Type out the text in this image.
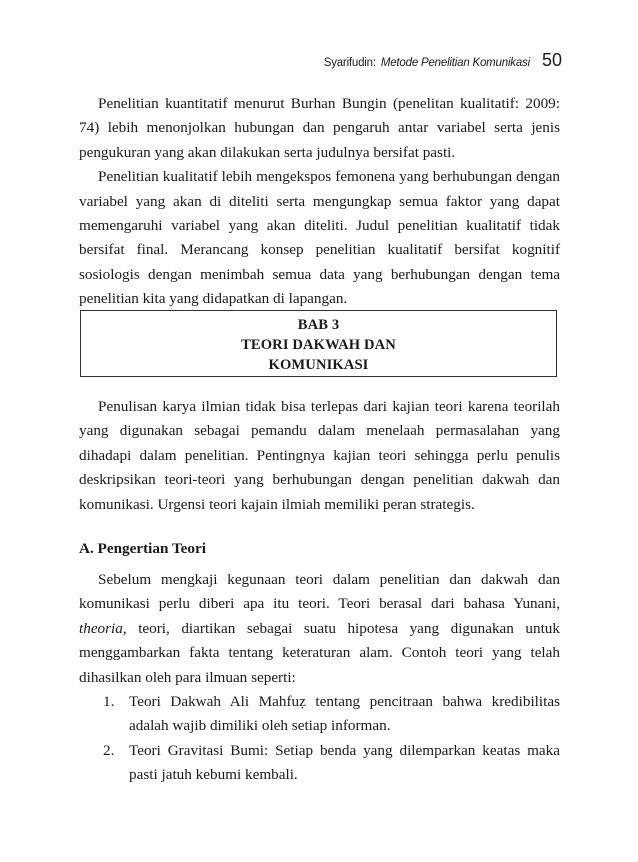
Syarifudin: Metode Penelitian Komunikasi 50

Penelitian kuantitatif menurut Burhan Bungin (penelitan kualitatif: 2009: 74) lebih menonjolkan hubungan dan pengaruh antar variabel serta jenis pengukuran yang akan dilakukan serta judulnya bersifat pasti.

Penelitian kualitatif lebih mengekspos femonena yang berhubungan dengan variabel yang akan di diteliti serta mengungkap semua faktor yang dapat memengaruhi variabel yang akan diteliti. Judul penelitian kualitatif tidak bersifat final. Merancang konsep penelitian kualitatif bersifat kognitif sosiologis dengan menimbah semua data yang berhubungan dengan tema penelitian kita yang didapatkan di lapangan.

BAB 3
TEORI DAKWAH DAN
KOMUNIKASI

Penulisan karya ilmian tidak bisa terlepas dari kajian teori karena teorilah yang digunakan sebagai pemandu dalam menelaah permasalahan yang dihadapi dalam penelitian. Pentingnya kajian teori sehingga perlu penulis deskripsikan teori-teori yang berhubungan dengan penelitian dakwah dan komunikasi. Urgensi teori kajain ilmiah memiliki peran strategis.

A. Pengertian Teori

Sebelum mengkaji kegunaan teori dalam penelitian dan dakwah dan komunikasi perlu diberi apa itu teori. Teori berasal dari bahasa Yunani, theoria, teori, diartikan sebagai suatu hipotesa yang digunakan untuk menggambarkan fakta tentang keteraturan alam. Contoh teori yang telah dihasilkan oleh para ilmuan seperti:

1. Teori Dakwah Ali Mahfuẓ tentang pencitraan bahwa kredibilitas adalah wajib dimiliki oleh setiap informan.
2. Teori Gravitasi Bumi: Setiap benda yang dilemparkan keatas maka pasti jatuh kebumi kembali.
